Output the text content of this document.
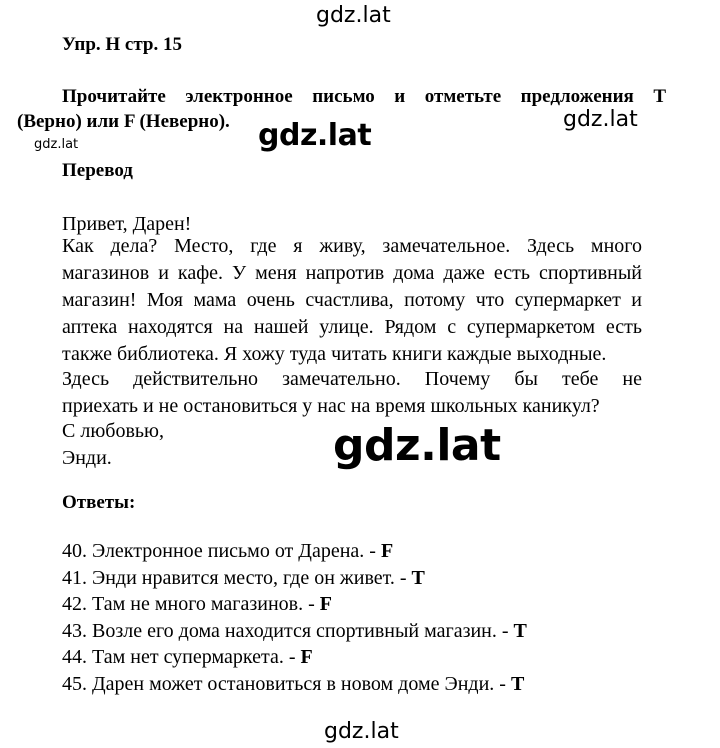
gdz.lat
Упр. H стр. 15
Прочитайте электронное письмо и отметьте предложения T
(Верно) или F (Неверно). gdz.lat	gdz.lat
gdz.lat
Перевод
Привет, Дарен!
Как дела? Место, где я живу, замечательное. Здесь много
магазинов и кафе. У меня напротив дома даже есть спортивный
магазин! Моя мама очень счастлива, потому что супермаркет и
аптека находятся на нашей улице. Рядом с супермаркетом есть
также библиотека. Я хожу туда читать книги каждые выходные.
Здесь действительно замечательно. Почему бы тебе не
приехать и не остановиться у нас на время школьных каникул?
С любовью,
Энди.	gdz.lat
Ответы:
40. Электронное письмо от Дарена. - F
41. Энди нравится место, где он живет. - T
42. Там не много магазинов. - F
43. Возле его дома находится спортивный магазин. - T
44. Там нет супермаркета. - F
45. Дарен может остановиться в новом доме Энди. - T
gdz.lat
